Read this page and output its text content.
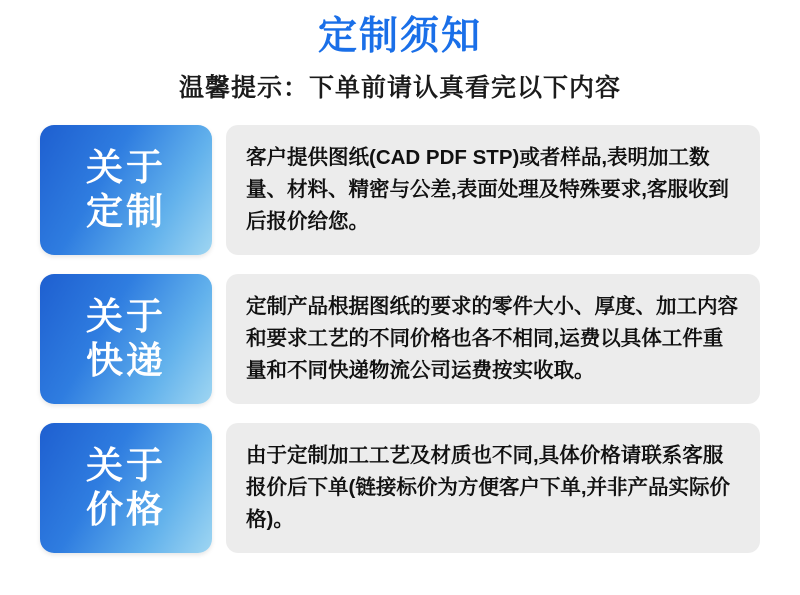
定制须知
温馨提示：下单前请认真看完以下内容
关于
定制
客户提供图纸(CAD PDF STP)或者样品,表明加工数量、材料、精密与公差,表面处理及特殊要求,客服收到后报价给您。
关于
快递
定制产品根据图纸的要求的零件大小、厚度、加工内容和要求工艺的不同价格也各不相同,运费以具体工件重量和不同快递物流公司运费按实收取。
关于
价格
由于定制加工工艺及材质也不同,具体价格请联系客服报价后下单(链接标价为方便客户下单,并非产品实际价格)。
